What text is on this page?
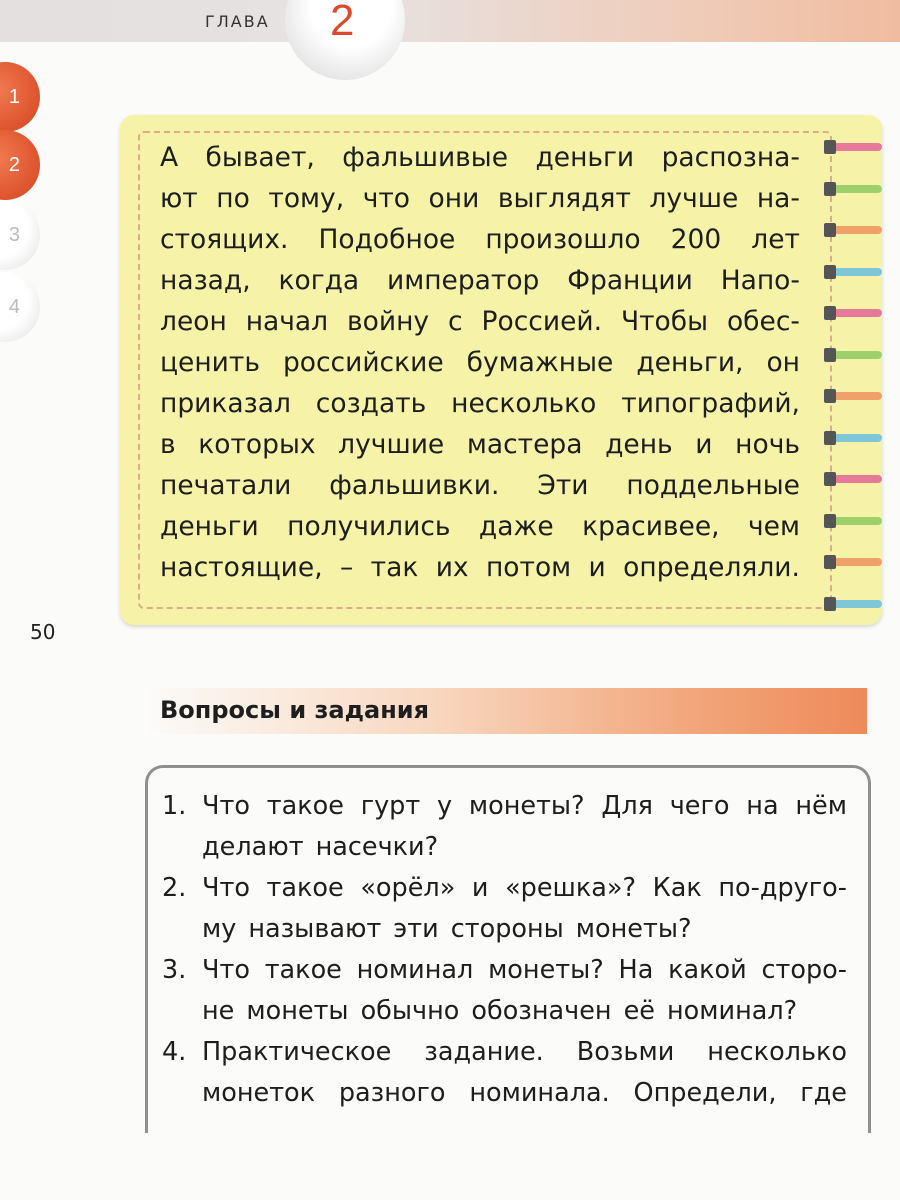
ГЛАВА 2
1
2
3
4
А бывает, фальшивые деньги распозна-
ют по тому, что они выглядят лучше на-
стоящих. Подобное произошло 200 лет
назад, когда император Франции Напо-
леон начал войну с Россией. Чтобы обес-
ценить российские бумажные деньги, он
приказал создать несколько типографий,
в которых лучшие мастера день и ночь
печатали фальшивки. Эти поддельные
деньги получились даже красивее, чем
настоящие, – так их потом и определяли.
50
Вопросы и задания
1. Что такое гурт у монеты? Для чего на нём
делают насечки?
2. Что такое «орёл» и «решка»? Как по-друго-
му называют эти стороны монеты?
3. Что такое номинал монеты? На какой сторо-
не монеты обычно обозначен её номинал?
4. Практическое задание. Возьми несколько
монеток разного номинала. Определи, где
